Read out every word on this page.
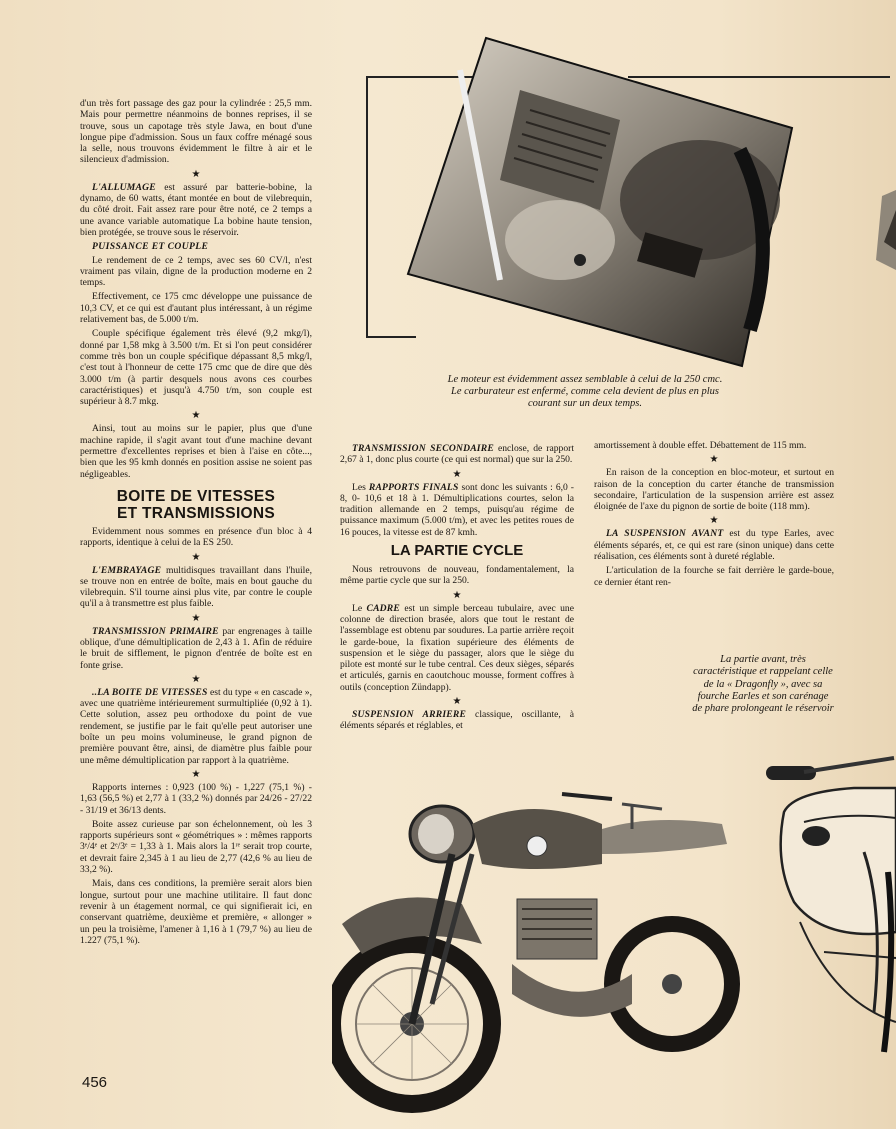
Le moteur est évidemment assez semblable à celui de la 250 cmc. Le carburateur est enfermé, comme cela devient de plus en plus courant sur un deux temps.

d'un très fort passage des gaz pour la cylindrée : 25,5 mm. Mais pour permettre néanmoins de bonnes reprises, il se trouve, sous un capotage très style Jawa, en bout d'une longue pipe d'admission. Sous un faux coffre ménagé sous la selle, nous trouvons évidemment le filtre à air et le silencieux d'admission.

★

L'ALLUMAGE est assuré par batterie-bobine, la dynamo, de 60 watts, étant montée en bout de vilebrequin, du côté droit. Fait assez rare pour être noté, ce 2 temps a une avance variable automatique La bobine haute tension, bien protégée, se trouve sous le réservoir.

PUISSANCE ET COUPLE

Le rendement de ce 2 temps, avec ses 60 CV/l, n'est vraiment pas vilain, digne de la production moderne en 2 temps.

Effectivement, ce 175 cmc développe une puissance de 10,3 CV, et ce qui est d'autant plus intéressant, à un régime relativement bas, de 5.000 t/m.

Couple spécifique également très élevé (9,2 mkg/l), donné par 1,58 mkg à 3.500 t/m. Et si l'on peut considérer comme très bon un couple spécifique dépassant 8,5 mkg/l, c'est tout à l'honneur de cette 175 cmc que de dire que dès 3.000 t/m (à partir desquels nous avons ces courbes caractéristiques) et jusqu'à 4.750 t/m, son couple est supérieur à 8.7 mkg.

★

Ainsi, tout au moins sur le papier, plus que d'une machine rapide, il s'agit avant tout d'une machine devant permettre d'excellentes reprises et bien à l'aise en côte..., bien que les 95 kmh donnés en position assise ne soient pas négligeables.

BOITE DE VITESSES
ET TRANSMISSIONS

Evidemment nous sommes en présence d'un bloc à 4 rapports, identique à celui de la ES 250.

★

L'EMBRAYAGE multidisques travaillant dans l'huile, se trouve non en entrée de boîte, mais en bout gauche du vilebrequin. S'il tourne ainsi plus vite, par contre le couple qu'il a à transmettre est plus faible.

★

TRANSMISSION PRIMAIRE par engrenages à taille oblique, d'une démultiplication de 2,43 à 1. Afin de réduire le bruit de sifflement, le pignon d'entrée de boîte est en fonte grise.

★

..LA BOITE DE VITESSES est du type « en cascade », avec une quatrième intérieurement surmultipliée (0,92 à 1). Cette solution, assez peu orthodoxe du point de vue rendement, se justifie par le fait qu'elle peut autoriser une boîte un peu moins volumineuse, le grand pignon de première pouvant être, ainsi, de diamètre plus faible pour une même démultiplication par rapport à la quatrième.

★

Rapports internes : 0,923 (100 %) - 1,227 (75,1 %) - 1,63 (56,5 %) et 2,77 à 1 (33,2 %) donnés par 24/26 - 27/22 - 31/19 et 36/13 dents.

Boite assez curieuse par son échelonnement, où les 3 rapports supérieurs sont « géométriques » : mêmes rapports 3ᵉ/4ᵉ et 2ᵉ/3ᵉ = 1,33 à 1. Mais alors la 1ʳᵉ serait trop courte, et devrait faire 2,345 à 1 au lieu de 2,77 (42,6 % au lieu de 33,2 %).

Mais, dans ces conditions, la première serait alors bien longue, surtout pour une machine utilitaire. Il faut donc revenir à un étagement normal, ce qui signifierait ici, en conservant quatrième, deuxième et première, « allonger » un peu la troisième, l'amener à 1,16 à 1 (79,7 %) au lieu de 1.227 (75,1 %).

TRANSMISSION SECONDAIRE enclose, de rapport 2,67 à 1, donc plus courte (ce qui est normal) que sur la 250.

★

Les RAPPORTS FINALS sont donc les suivants : 6,0 - 8, 0- 10,6 et 18 à 1. Démultiplications courtes, selon la tradition allemande en 2 temps, puisqu'au régime de puissance maximum (5.000 t/m), et avec les petites roues de 16 pouces, la vitesse est de 87 kmh.

LA PARTIE CYCLE

Nous retrouvons de nouveau, fondamentalement, la même partie cycle que sur la 250.

★

Le CADRE est un simple berceau tubulaire, avec une colonne de direction brasée, alors que tout le restant de l'assemblage est obtenu par soudures. La partie arrière reçoit le garde-boue, la fixation supérieure des éléments de suspension et le siège du passager, alors que le siège du pilote est monté sur le tube central. Ces deux sièges, séparés et articulés, garnis en caoutchouc mousse, forment coffres à outils (conception Zündapp).

★

SUSPENSION ARRIERE classique, oscillante, à éléments séparés et réglables, et

amortissement à double effet. Débattement de 115 mm.

★

En raison de la conception en bloc-moteur, et surtout en raison de la conception du carter étanche de transmission secondaire, l'articulation de la suspension arrière est assez éloignée de l'axe du pignon de sortie de boite (118 mm).

★

LA SUSPENSION AVANT est du type Earles, avec éléments séparés, et, ce qui est rare (sinon unique) dans cette réalisation, ces éléments sont à dureté réglable.

L'articulation de la fourche se fait derrière le garde-boue, ce dernier étant ren-

La partie avant, très caractéristique et rappelant celle de la « Dragonfly », avec sa fourche Earles et son carénage de phare prolongeant le réservoir
456
